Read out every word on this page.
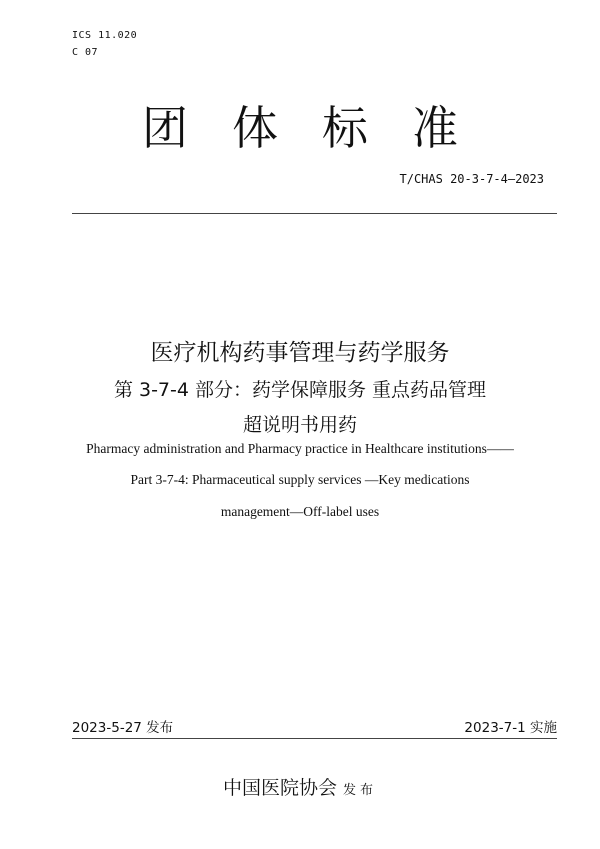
ICS 11.020
C 07
团体标准
T/CHAS 20-3-7-4—2023
医疗机构药事管理与药学服务
第 3-7-4 部分：药学保障服务 重点药品管理
超说明书用药
Pharmacy administration and Pharmacy practice in Healthcare institutions——
Part 3-7-4: Pharmaceutical supply services —Key medications
management—Off-label uses
2023-5-27 发布	2023-7-1 实施
中国医院协会 发布
